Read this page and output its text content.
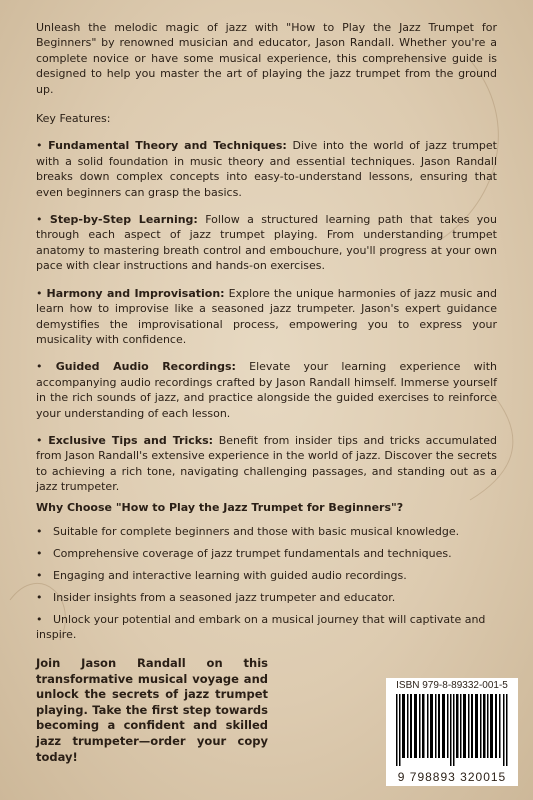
Unleash the melodic magic of jazz with "How to Play the Jazz Trumpet for Beginners" by renowned musician and educator, Jason Randall. Whether you're a complete novice or have some musical experience, this comprehensive guide is designed to help you master the art of playing the jazz trumpet from the ground up.

Key Features:

• Fundamental Theory and Techniques: Dive into the world of jazz trumpet with a solid foundation in music theory and essential techniques. Jason Randall breaks down complex concepts into easy-to-understand lessons, ensuring that even beginners can grasp the basics.

• Step-by-Step Learning: Follow a structured learning path that takes you through each aspect of jazz trumpet playing. From understanding trumpet anatomy to mastering breath control and embouchure, you'll progress at your own pace with clear instructions and hands-on exercises.

• Harmony and Improvisation: Explore the unique harmonies of jazz music and learn how to improvise like a seasoned jazz trumpeter. Jason's expert guidance demystifies the improvisational process, empowering you to express your musicality with confidence.

• Guided Audio Recordings: Elevate your learning experience with accompanying audio recordings crafted by Jason Randall himself. Immerse yourself in the rich sounds of jazz, and practice alongside the guided exercises to reinforce your understanding of each lesson.

• Exclusive Tips and Tricks: Benefit from insider tips and tricks accumulated from Jason Randall's extensive experience in the world of jazz. Discover the secrets to achieving a rich tone, navigating challenging passages, and standing out as a jazz trumpeter.

Why Choose "How to Play the Jazz Trumpet for Beginners"?

• Suitable for complete beginners and those with basic musical knowledge.
• Comprehensive coverage of jazz trumpet fundamentals and techniques.
• Engaging and interactive learning with guided audio recordings.
• Insider insights from a seasoned jazz trumpeter and educator.
• Unlock your potential and embark on a musical journey that will captivate and inspire.

Join Jason Randall on this transformative musical voyage and unlock the secrets of jazz trumpet playing. Take the first step towards becoming a confident and skilled jazz trumpeter—order your copy today!

ISBN 979-8-89332-001-5
9 798893 320015
